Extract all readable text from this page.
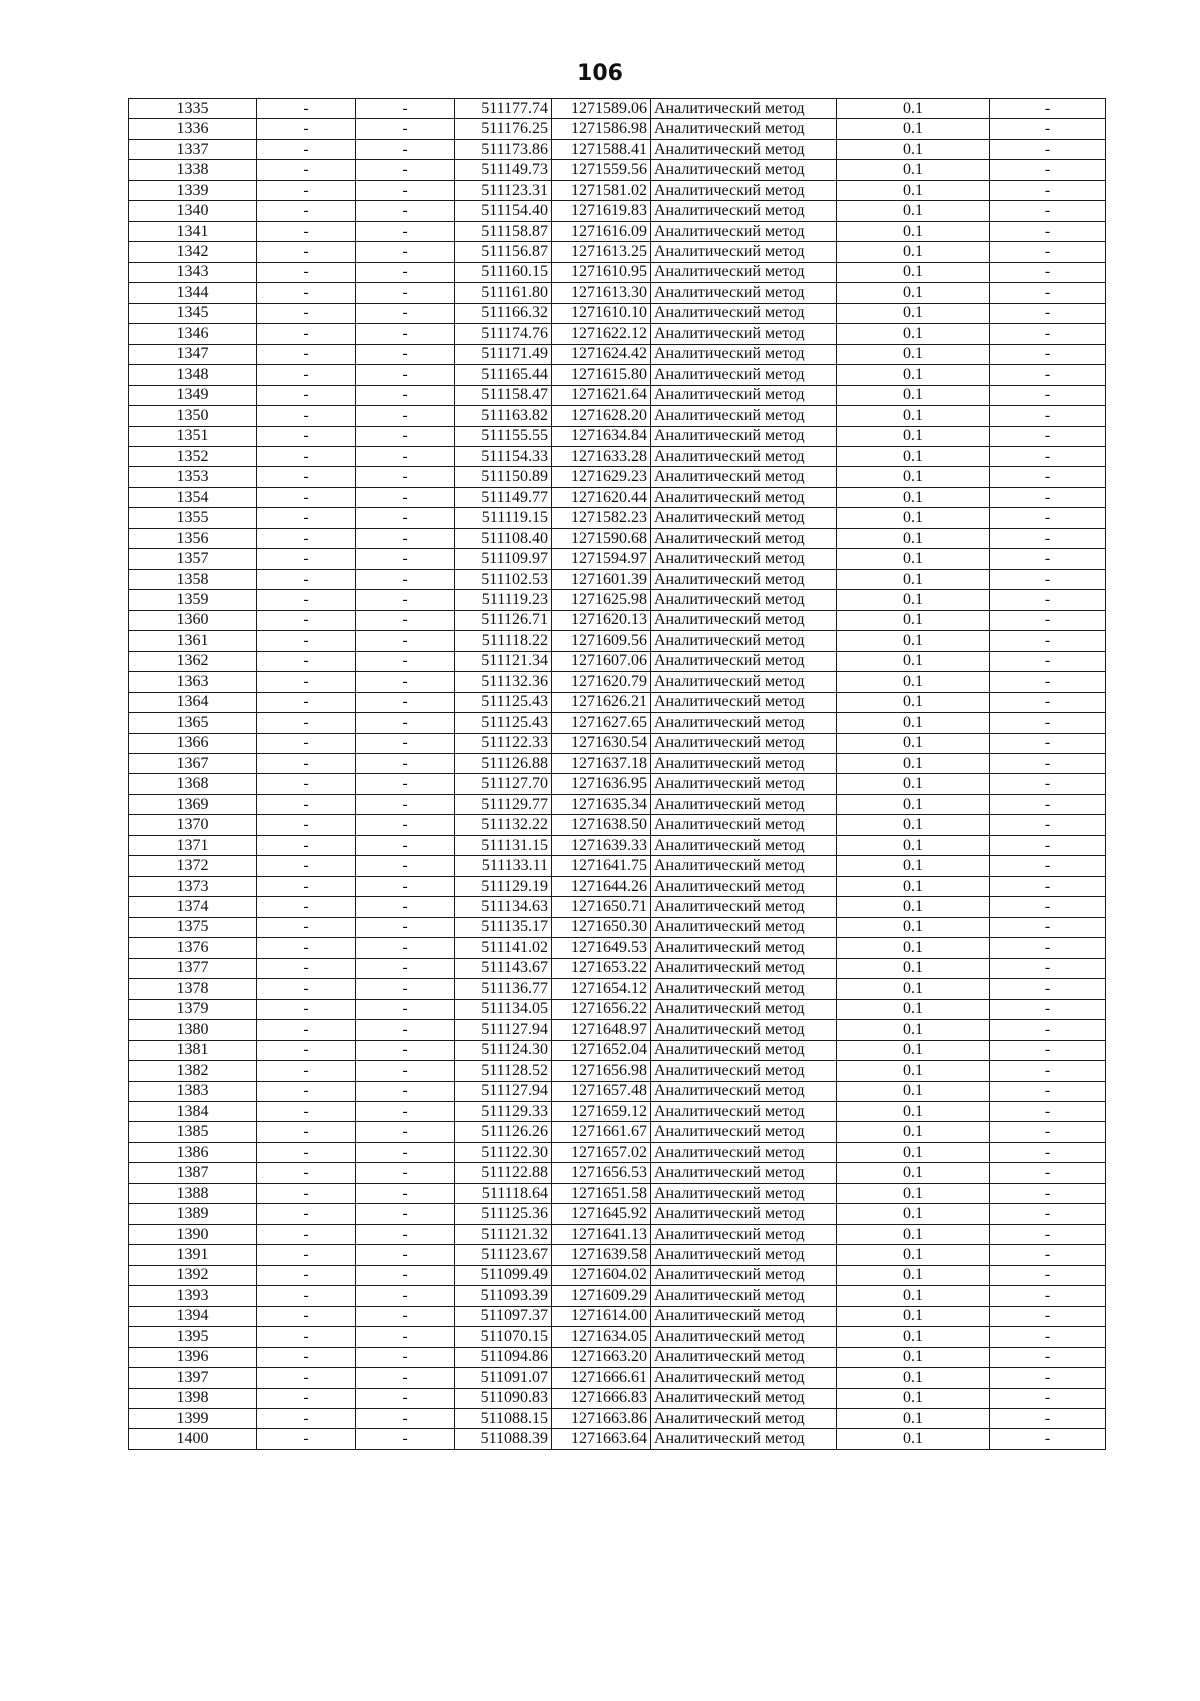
106
1335	-	-	511177.74	1271589.06	Аналитический метод	0.1	-
1336	-	-	511176.25	1271586.98	Аналитический метод	0.1	-
1337	-	-	511173.86	1271588.41	Аналитический метод	0.1	-
1338	-	-	511149.73	1271559.56	Аналитический метод	0.1	-
1339	-	-	511123.31	1271581.02	Аналитический метод	0.1	-
1340	-	-	511154.40	1271619.83	Аналитический метод	0.1	-
1341	-	-	511158.87	1271616.09	Аналитический метод	0.1	-
1342	-	-	511156.87	1271613.25	Аналитический метод	0.1	-
1343	-	-	511160.15	1271610.95	Аналитический метод	0.1	-
1344	-	-	511161.80	1271613.30	Аналитический метод	0.1	-
1345	-	-	511166.32	1271610.10	Аналитический метод	0.1	-
1346	-	-	511174.76	1271622.12	Аналитический метод	0.1	-
1347	-	-	511171.49	1271624.42	Аналитический метод	0.1	-
1348	-	-	511165.44	1271615.80	Аналитический метод	0.1	-
1349	-	-	511158.47	1271621.64	Аналитический метод	0.1	-
1350	-	-	511163.82	1271628.20	Аналитический метод	0.1	-
1351	-	-	511155.55	1271634.84	Аналитический метод	0.1	-
1352	-	-	511154.33	1271633.28	Аналитический метод	0.1	-
1353	-	-	511150.89	1271629.23	Аналитический метод	0.1	-
1354	-	-	511149.77	1271620.44	Аналитический метод	0.1	-
1355	-	-	511119.15	1271582.23	Аналитический метод	0.1	-
1356	-	-	511108.40	1271590.68	Аналитический метод	0.1	-
1357	-	-	511109.97	1271594.97	Аналитический метод	0.1	-
1358	-	-	511102.53	1271601.39	Аналитический метод	0.1	-
1359	-	-	511119.23	1271625.98	Аналитический метод	0.1	-
1360	-	-	511126.71	1271620.13	Аналитический метод	0.1	-
1361	-	-	511118.22	1271609.56	Аналитический метод	0.1	-
1362	-	-	511121.34	1271607.06	Аналитический метод	0.1	-
1363	-	-	511132.36	1271620.79	Аналитический метод	0.1	-
1364	-	-	511125.43	1271626.21	Аналитический метод	0.1	-
1365	-	-	511125.43	1271627.65	Аналитический метод	0.1	-
1366	-	-	511122.33	1271630.54	Аналитический метод	0.1	-
1367	-	-	511126.88	1271637.18	Аналитический метод	0.1	-
1368	-	-	511127.70	1271636.95	Аналитический метод	0.1	-
1369	-	-	511129.77	1271635.34	Аналитический метод	0.1	-
1370	-	-	511132.22	1271638.50	Аналитический метод	0.1	-
1371	-	-	511131.15	1271639.33	Аналитический метод	0.1	-
1372	-	-	511133.11	1271641.75	Аналитический метод	0.1	-
1373	-	-	511129.19	1271644.26	Аналитический метод	0.1	-
1374	-	-	511134.63	1271650.71	Аналитический метод	0.1	-
1375	-	-	511135.17	1271650.30	Аналитический метод	0.1	-
1376	-	-	511141.02	1271649.53	Аналитический метод	0.1	-
1377	-	-	511143.67	1271653.22	Аналитический метод	0.1	-
1378	-	-	511136.77	1271654.12	Аналитический метод	0.1	-
1379	-	-	511134.05	1271656.22	Аналитический метод	0.1	-
1380	-	-	511127.94	1271648.97	Аналитический метод	0.1	-
1381	-	-	511124.30	1271652.04	Аналитический метод	0.1	-
1382	-	-	511128.52	1271656.98	Аналитический метод	0.1	-
1383	-	-	511127.94	1271657.48	Аналитический метод	0.1	-
1384	-	-	511129.33	1271659.12	Аналитический метод	0.1	-
1385	-	-	511126.26	1271661.67	Аналитический метод	0.1	-
1386	-	-	511122.30	1271657.02	Аналитический метод	0.1	-
1387	-	-	511122.88	1271656.53	Аналитический метод	0.1	-
1388	-	-	511118.64	1271651.58	Аналитический метод	0.1	-
1389	-	-	511125.36	1271645.92	Аналитический метод	0.1	-
1390	-	-	511121.32	1271641.13	Аналитический метод	0.1	-
1391	-	-	511123.67	1271639.58	Аналитический метод	0.1	-
1392	-	-	511099.49	1271604.02	Аналитический метод	0.1	-
1393	-	-	511093.39	1271609.29	Аналитический метод	0.1	-
1394	-	-	511097.37	1271614.00	Аналитический метод	0.1	-
1395	-	-	511070.15	1271634.05	Аналитический метод	0.1	-
1396	-	-	511094.86	1271663.20	Аналитический метод	0.1	-
1397	-	-	511091.07	1271666.61	Аналитический метод	0.1	-
1398	-	-	511090.83	1271666.83	Аналитический метод	0.1	-
1399	-	-	511088.15	1271663.86	Аналитический метод	0.1	-
1400	-	-	511088.39	1271663.64	Аналитический метод	0.1	-
